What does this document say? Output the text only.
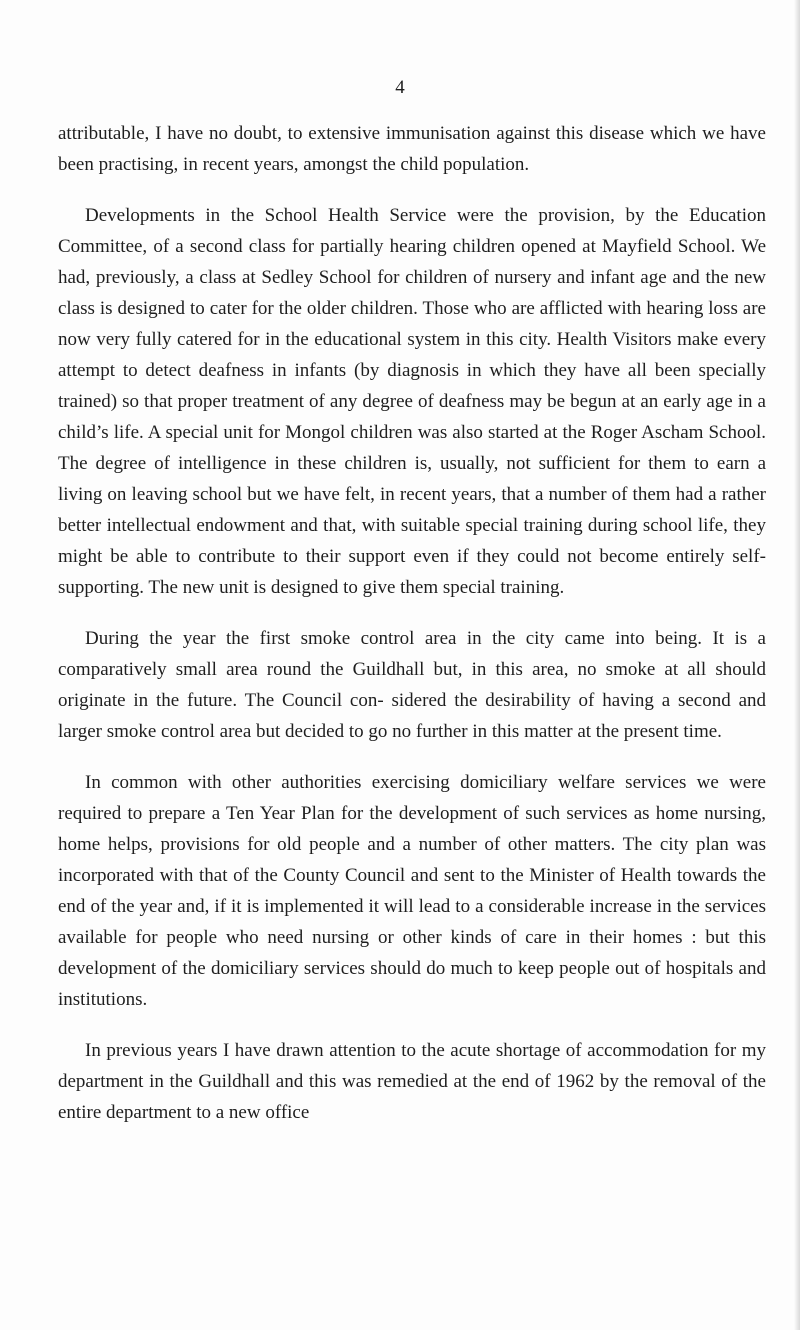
4

attributable, I have no doubt, to extensive immunisation against this disease which we have been practising, in recent years, amongst the child population.

Developments in the School Health Service were the provision, by the Education Committee, of a second class for partially hearing children opened at Mayfield School. We had, previously, a class at Sedley School for children of nursery and infant age and the new class is designed to cater for the older children. Those who are afflicted with hearing loss are now very fully catered for in the educational system in this city. Health Visitors make every attempt to detect deafness in infants (by diagnosis in which they have all been specially trained) so that proper treatment of any degree of deafness may be begun at an early age in a child’s life. A special unit for Mongol children was also started at the Roger Ascham School. The degree of intelligence in these children is, usually, not sufficient for them to earn a living on leaving school but we have felt, in recent years, that a number of them had a rather better intellectual endowment and that, with suitable special training during school life, they might be able to contribute to their support even if they could not become entirely self-supporting. The new unit is designed to give them special training.

During the year the first smoke control area in the city came into being. It is a comparatively small area round the Guildhall but, in this area, no smoke at all should originate in the future. The Council con- sidered the desirability of having a second and larger smoke control area but decided to go no further in this matter at the present time.

In common with other authorities exercising domiciliary welfare services we were required to prepare a Ten Year Plan for the development of such services as home nursing, home helps, provisions for old people and a number of other matters. The city plan was incorporated with that of the County Council and sent to the Minister of Health towards the end of the year and, if it is implemented it will lead to a considerable increase in the services available for people who need nursing or other kinds of care in their homes : but this development of the domiciliary services should do much to keep people out of hospitals and institutions.

In previous years I have drawn attention to the acute shortage of accommodation for my department in the Guildhall and this was remedied at the end of 1962 by the removal of the entire department to a new office
